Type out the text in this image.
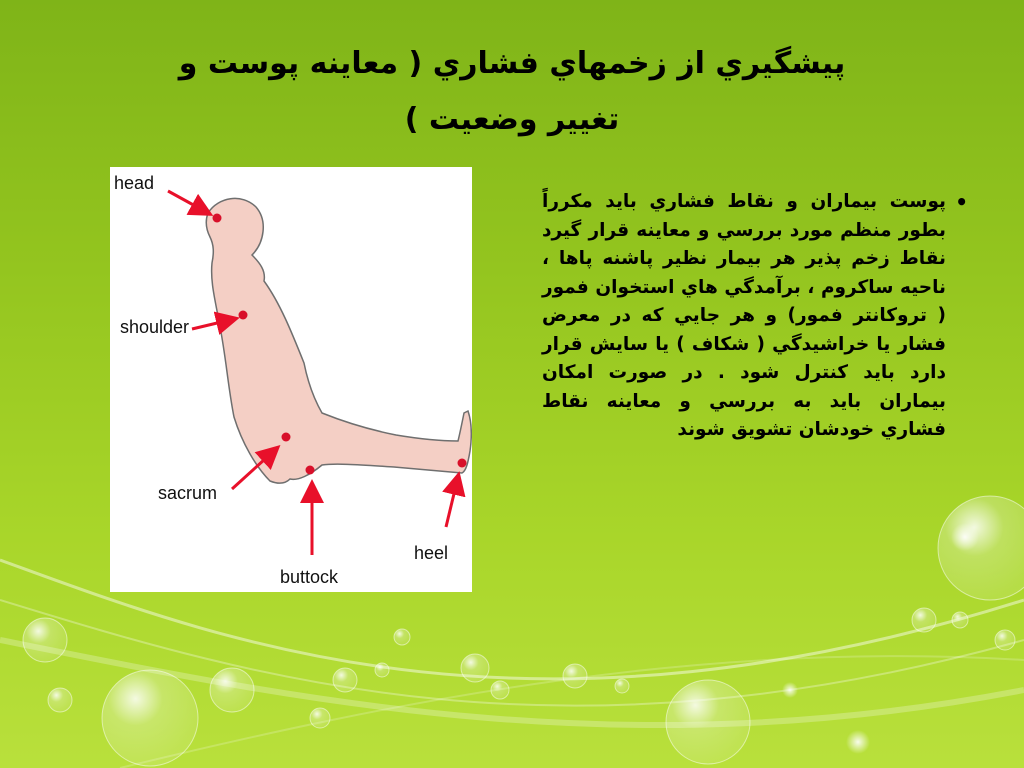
پيشگيري از زخمهاي فشاري ( معاينه پوست و
تغيير وضعيت )
head
shoulder
sacrum
buttock
heel
•
پوست بيماران و نقاط فشاري بايد مكرراً بطور منظم مورد بررسي و معاينه قرار گيرد نقاط زخم پذير هر بيمار نظير پاشنه پاها ، ناحيه ساكروم ، برآمدگي هاي استخوان فمور ( تروكانتر فمور) و هر جايي كه در معرض فشار يا خراشيدگي ( شكاف ) يا سايش قرار دارد بايد كنترل شود . در صورت امكان بيماران بايد به بررسي و معاينه نقاط فشاري خودشان تشويق شوند
